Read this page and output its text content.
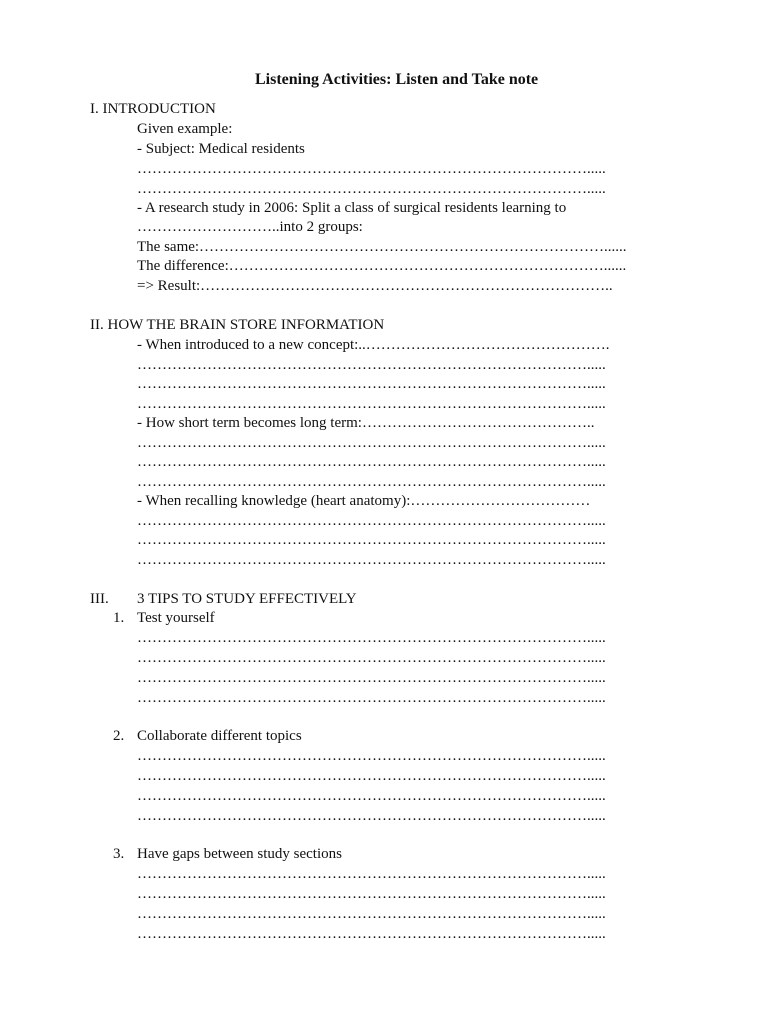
Listening Activities: Listen and Take note
I. INTRODUCTION
Given example:
- Subject: Medical residents
……………………………………………………………………………….....
……………………………………………………………………………….....
- A research study in 2006: Split a class of surgical residents learning to
………………………..into 2 groups:
The same:………………………………………………………………………......
The difference:…………………………………………………………………......
=> Result:………………………………………………………………………..
II. HOW THE BRAIN STORE INFORMATION
- When introduced to a new concept:..………………………………………….
……………………………………………………………………………….....
……………………………………………………………………………….....
……………………………………………………………………………….....
- How short term becomes long term:………………………………………..
……………………………………………………………………………….....
……………………………………………………………………………….....
……………………………………………………………………………….....
- When recalling knowledge (heart anatomy):………………………………
……………………………………………………………………………….....
……………………………………………………………………………….....
……………………………………………………………………………….....
III. 3 TIPS TO STUDY EFFECTIVELY
1. Test yourself
……………………………………………………………………………….....
……………………………………………………………………………….....
……………………………………………………………………………….....
……………………………………………………………………………….....
2. Collaborate different topics
……………………………………………………………………………….....
……………………………………………………………………………….....
……………………………………………………………………………….....
……………………………………………………………………………….....
3. Have gaps between study sections
……………………………………………………………………………….....
……………………………………………………………………………….....
……………………………………………………………………………….....
……………………………………………………………………………….....
